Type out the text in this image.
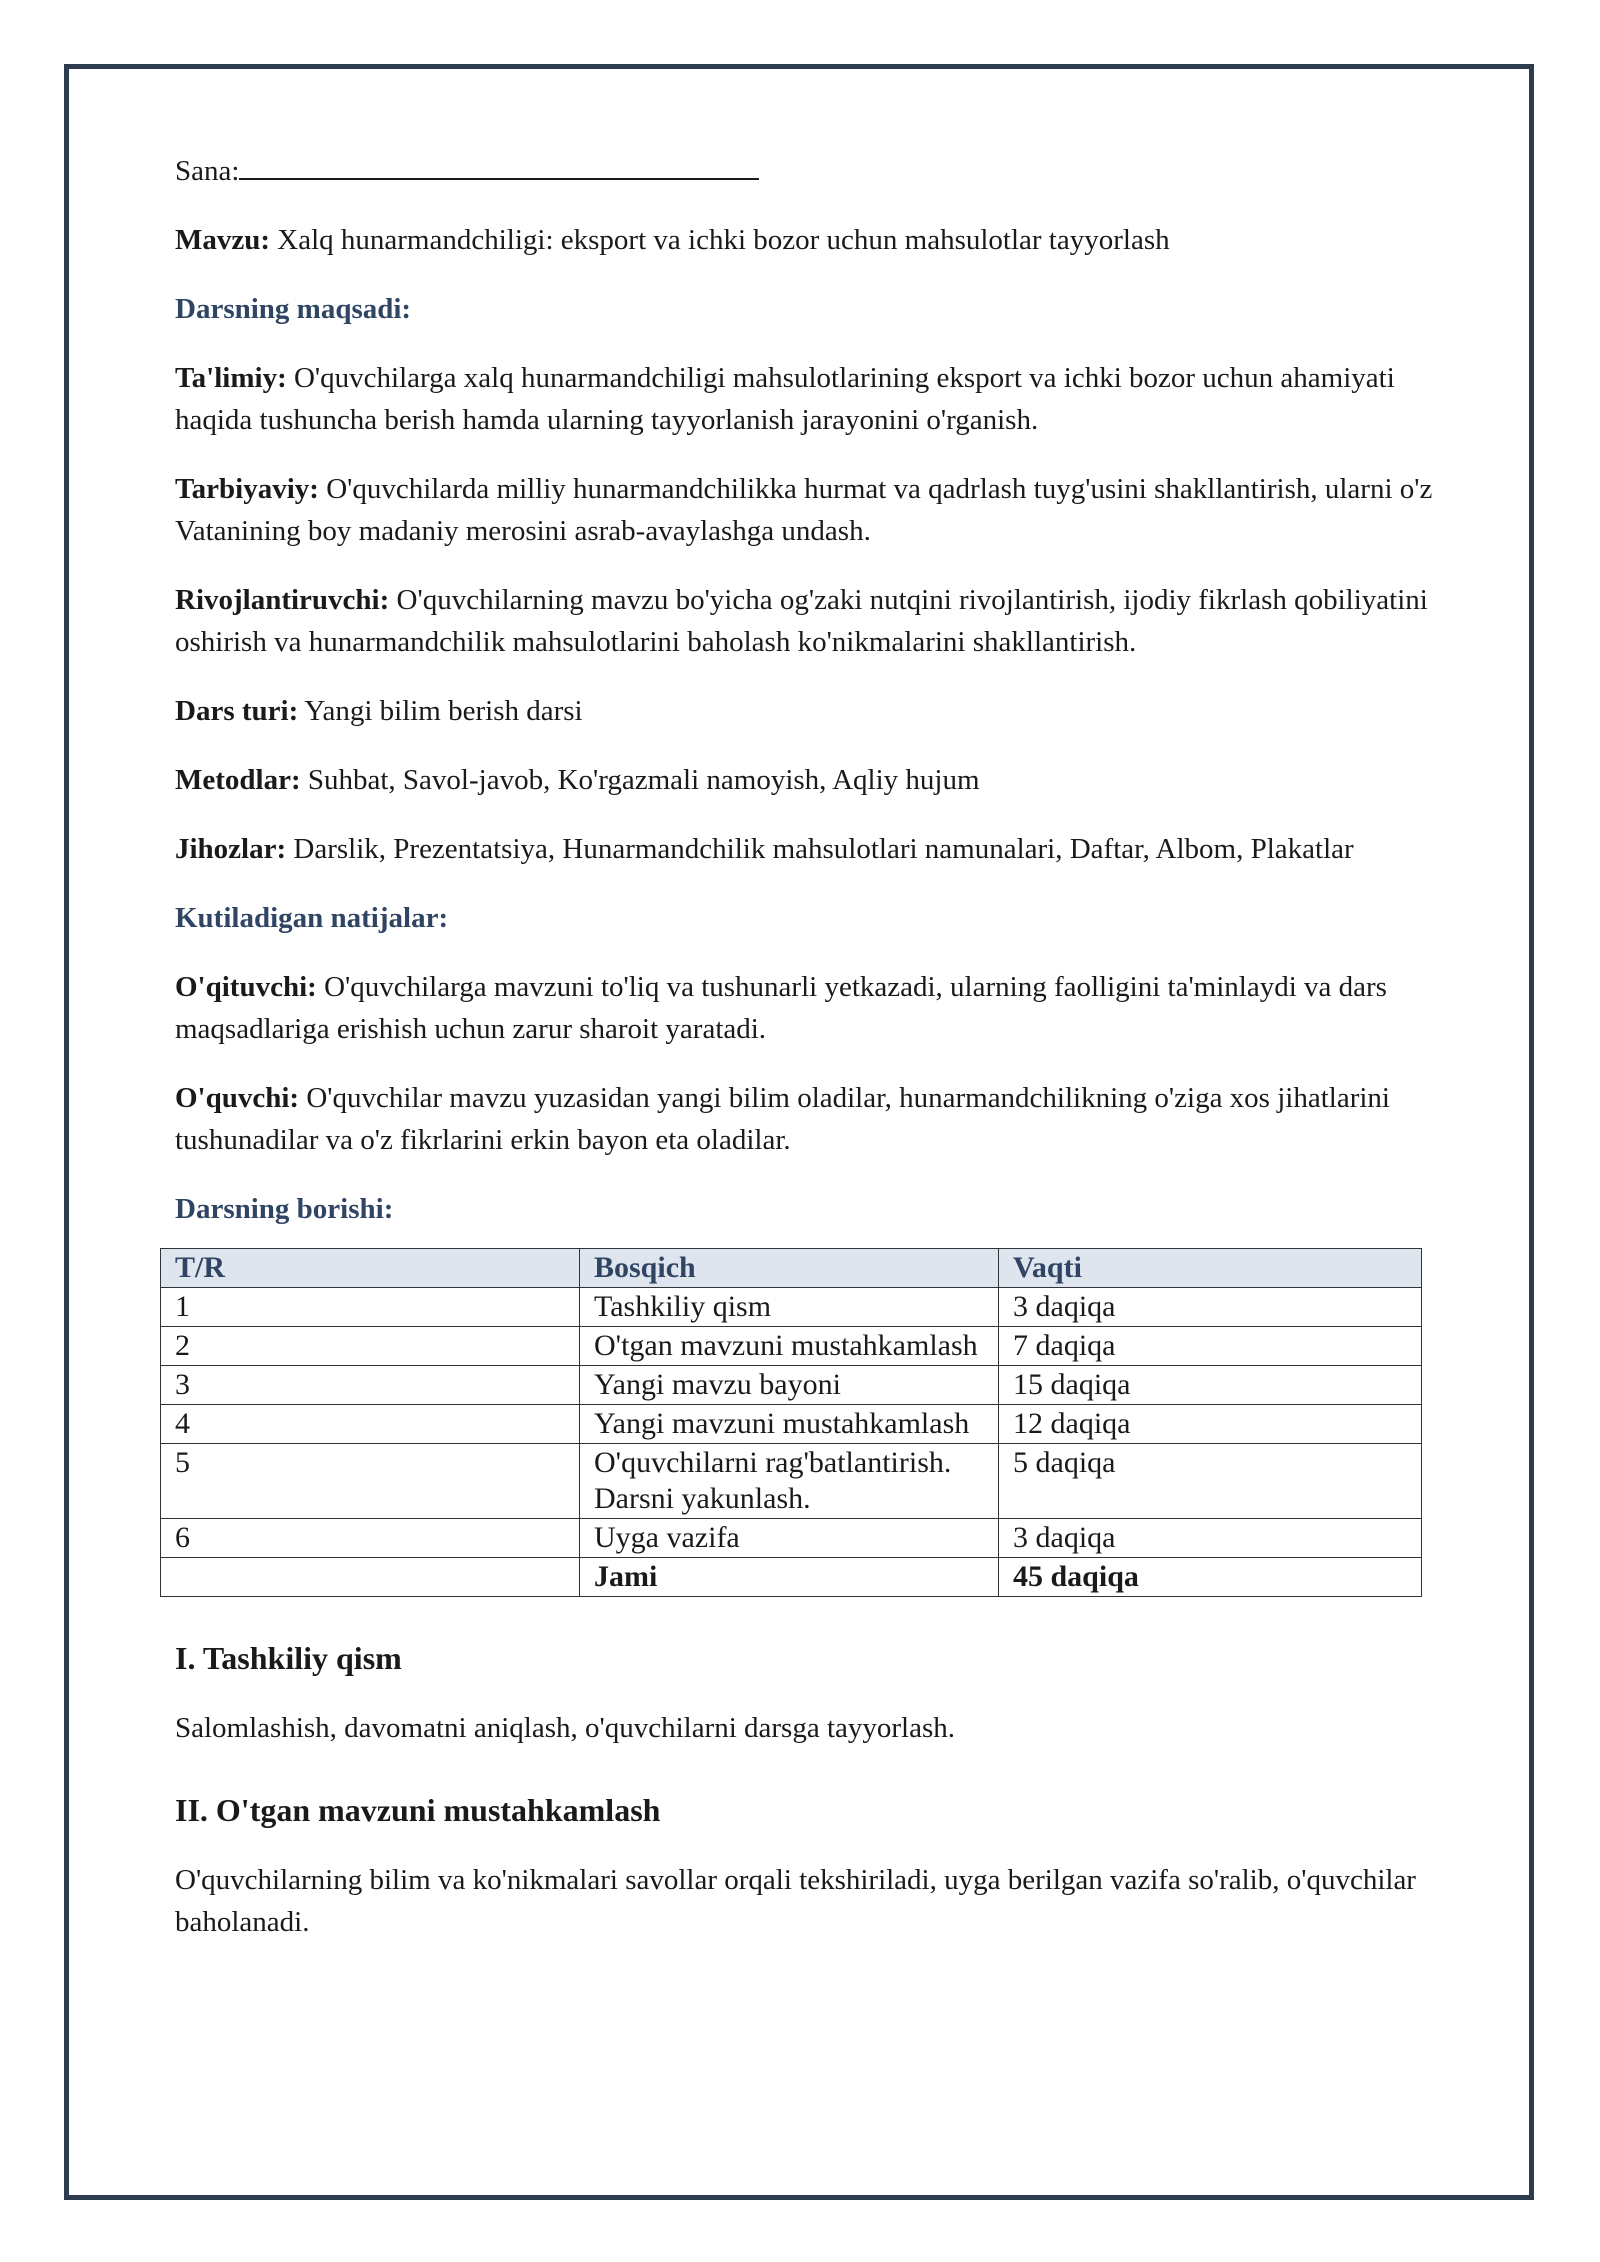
Sana:

Mavzu: Xalq hunarmandchiligi: eksport va ichki bozor uchun mahsulotlar tayyorlash

Darsning maqsadi:

Ta'limiy: O'quvchilarga xalq hunarmandchiligi mahsulotlarining eksport va ichki bozor uchun ahamiyati haqida tushuncha berish hamda ularning tayyorlanish jarayonini o'rganish.

Tarbiyaviy: O'quvchilarda milliy hunarmandchilikka hurmat va qadrlash tuyg'usini shakllantirish, ularni o'z Vatanining boy madaniy merosini asrab-avaylashga undash.

Rivojlantiruvchi: O'quvchilarning mavzu bo'yicha og'zaki nutqini rivojlantirish, ijodiy fikrlash qobiliyatini oshirish va hunarmandchilik mahsulotlarini baholash ko'nikmalarini shakllantirish.

Dars turi: Yangi bilim berish darsi

Metodlar: Suhbat, Savol-javob, Ko'rgazmali namoyish, Aqliy hujum

Jihozlar: Darslik, Prezentatsiya, Hunarmandchilik mahsulotlari namunalari, Daftar, Albom, Plakatlar

Kutiladigan natijalar:

O'qituvchi: O'quvchilarga mavzuni to'liq va tushunarli yetkazadi, ularning faolligini ta'minlaydi va dars maqsadlariga erishish uchun zarur sharoit yaratadi.

O'quvchi: O'quvchilar mavzu yuzasidan yangi bilim oladilar, hunarmandchilikning o'ziga xos jihatlarini tushunadilar va o'z fikrlarini erkin bayon eta oladilar.

Darsning borishi:

T/R	Bosqich	Vaqti
1	Tashkiliy qism	3 daqiqa
2	O'tgan mavzuni mustahkamlash	7 daqiqa
3	Yangi mavzu bayoni	15 daqiqa
4	Yangi mavzuni mustahkamlash	12 daqiqa
5	O'quvchilarni rag'batlantirish. Darsni yakunlash.	5 daqiqa
6	Uyga vazifa	3 daqiqa
	Jami	45 daqiqa

I. Tashkiliy qism

Salomlashish, davomatni aniqlash, o'quvchilarni darsga tayyorlash.

II. O'tgan mavzuni mustahkamlash

O'quvchilarning bilim va ko'nikmalari savollar orqali tekshiriladi, uyga berilgan vazifa so'ralib, o'quvchilar baholanadi.
